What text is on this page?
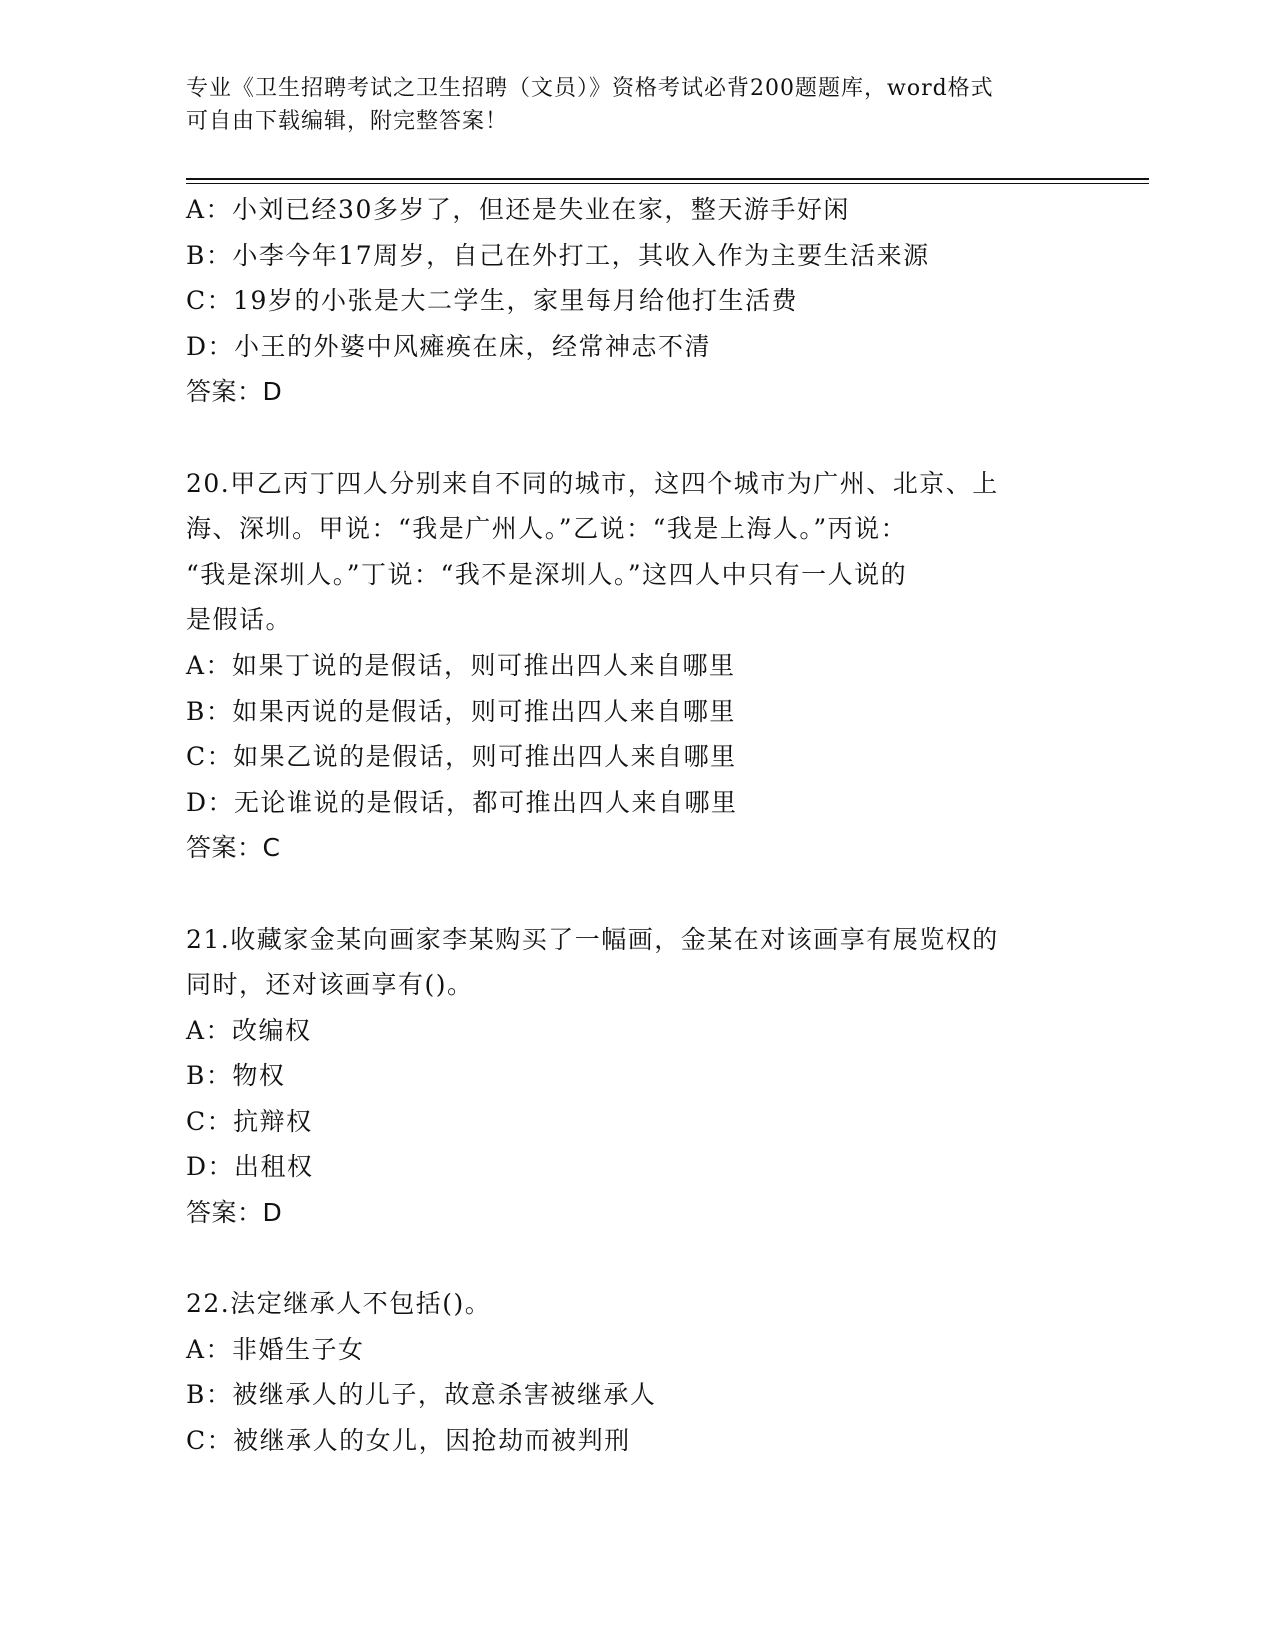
专业《卫生招聘考试之卫生招聘（文员）》资格考试必背200题题库，word格式
可自由下载编辑，附完整答案！
A：小刘已经30多岁了，但还是失业在家，整天游手好闲
B：小李今年17周岁，自己在外打工，其收入作为主要生活来源
C：19岁的小张是大二学生，家里每月给他打生活费
D：小王的外婆中风瘫痪在床，经常神志不清
答案：D
20.甲乙丙丁四人分别来自不同的城市，这四个城市为广州、北京、上
海、深圳。甲说：“我是广州人。”乙说：“我是上海人。”丙说：
“我是深圳人。”丁说：“我不是深圳人。”这四人中只有一人说的
是假话。
A：如果丁说的是假话，则可推出四人来自哪里
B：如果丙说的是假话，则可推出四人来自哪里
C：如果乙说的是假话，则可推出四人来自哪里
D：无论谁说的是假话，都可推出四人来自哪里
答案：C
21.收藏家金某向画家李某购买了一幅画，金某在对该画享有展览权的
同时，还对该画享有()。
A：改编权
B：物权
C：抗辩权
D：出租权
答案：D
22.法定继承人不包括()。
A：非婚生子女
B：被继承人的儿子，故意杀害被继承人
C：被继承人的女儿，因抢劫而被判刑
